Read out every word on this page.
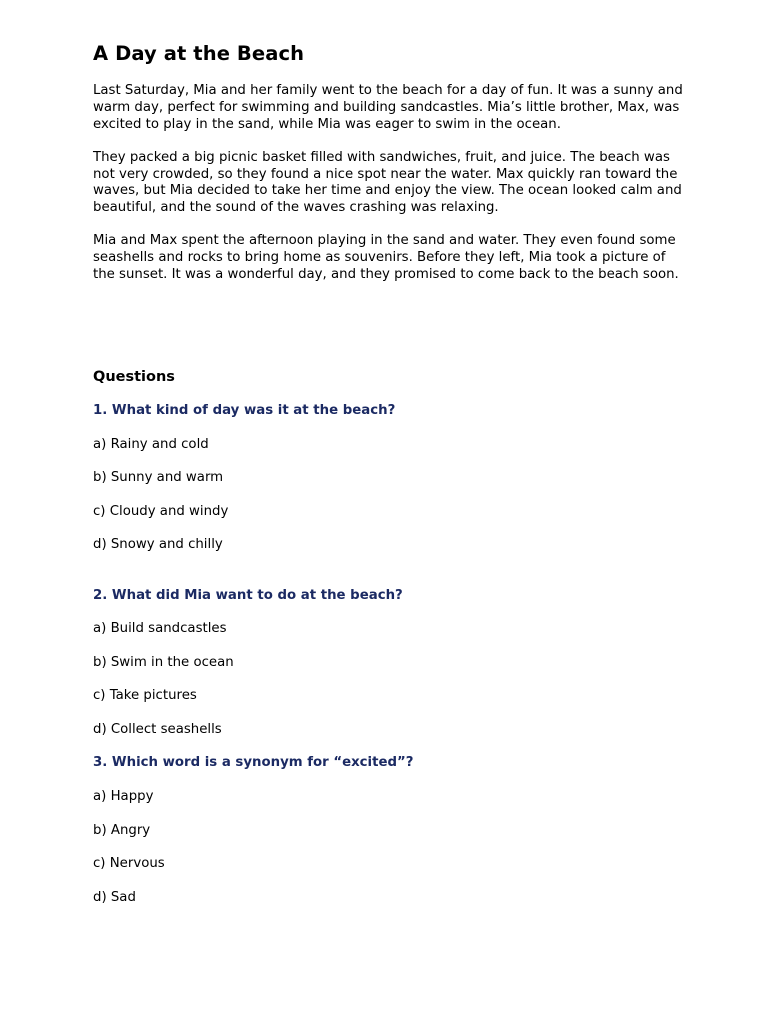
A Day at the Beach

Last Saturday, Mia and her family went to the beach for a day of fun. It was a sunny and warm day, perfect for swimming and building sandcastles. Mia’s little brother, Max, was excited to play in the sand, while Mia was eager to swim in the ocean.

They packed a big picnic basket filled with sandwiches, fruit, and juice. The beach was not very crowded, so they found a nice spot near the water. Max quickly ran toward the waves, but Mia decided to take her time and enjoy the view. The ocean looked calm and beautiful, and the sound of the waves crashing was relaxing.

Mia and Max spent the afternoon playing in the sand and water. They even found some seashells and rocks to bring home as souvenirs. Before they left, Mia took a picture of the sunset. It was a wonderful day, and they promised to come back to the beach soon.

Questions

1. What kind of day was it at the beach?

a) Rainy and cold

b) Sunny and warm

c) Cloudy and windy

d) Snowy and chilly

2. What did Mia want to do at the beach?

a) Build sandcastles

b) Swim in the ocean

c) Take pictures

d) Collect seashells

3. Which word is a synonym for “excited”?

a) Happy

b) Angry

c) Nervous

d) Sad
